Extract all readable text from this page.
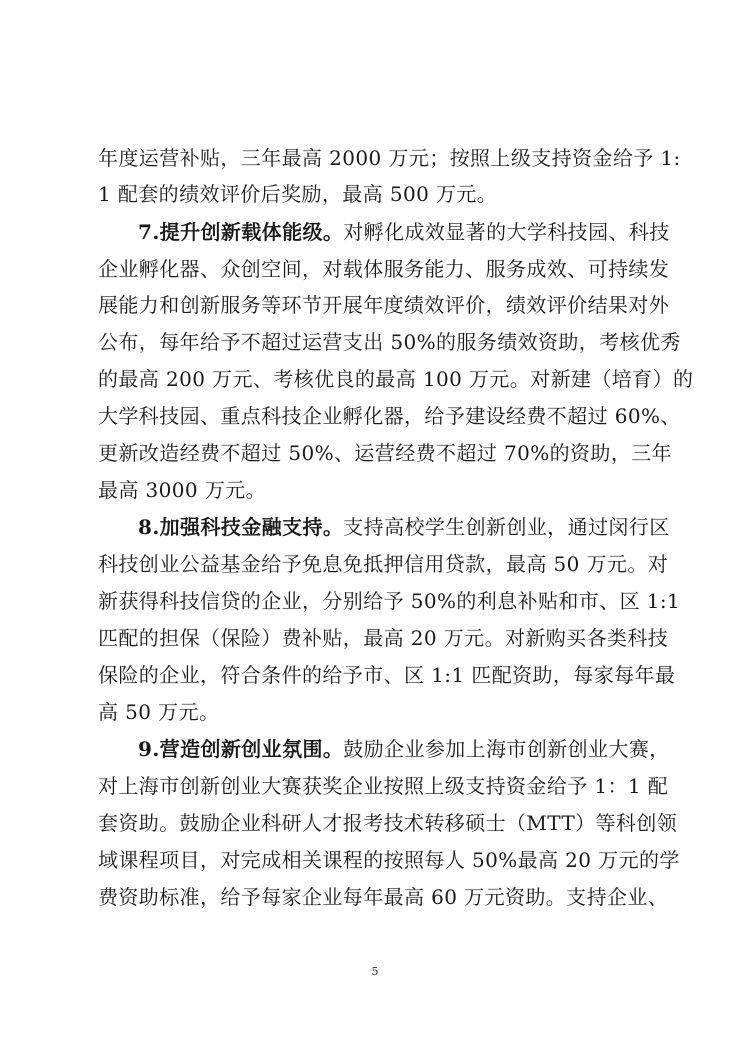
年度运营补贴，三年最高 2000 万元；按照上级支持资金给予 1:
1 配套的绩效评价后奖励，最高 500 万元。
7.提升创新载体能级。对孵化成效显著的大学科技园、科技
企业孵化器、众创空间，对载体服务能力、服务成效、可持续发
展能力和创新服务等环节开展年度绩效评价，绩效评价结果对外
公布，每年给予不超过运营支出 50%的服务绩效资助，考核优秀
的最高 200 万元、考核优良的最高 100 万元。对新建（培育）的
大学科技园、重点科技企业孵化器，给予建设经费不超过 60%、
更新改造经费不超过 50%、运营经费不超过 70%的资助，三年
最高 3000 万元。
8.加强科技金融支持。支持高校学生创新创业，通过闵行区
科技创业公益基金给予免息免抵押信用贷款，最高 50 万元。对
新获得科技信贷的企业，分别给予 50%的利息补贴和市、区 1:1
匹配的担保（保险）费补贴，最高 20 万元。对新购买各类科技
保险的企业，符合条件的给予市、区 1:1 匹配资助，每家每年最
高 50 万元。
9.营造创新创业氛围。鼓励企业参加上海市创新创业大赛，
对上海市创新创业大赛获奖企业按照上级支持资金给予 1：1 配
套资助。鼓励企业科研人才报考技术转移硕士（MTT）等科创领
域课程项目，对完成相关课程的按照每人 50%最高 20 万元的学
费资助标准，给予每家企业每年最高 60 万元资助。支持企业、
5
